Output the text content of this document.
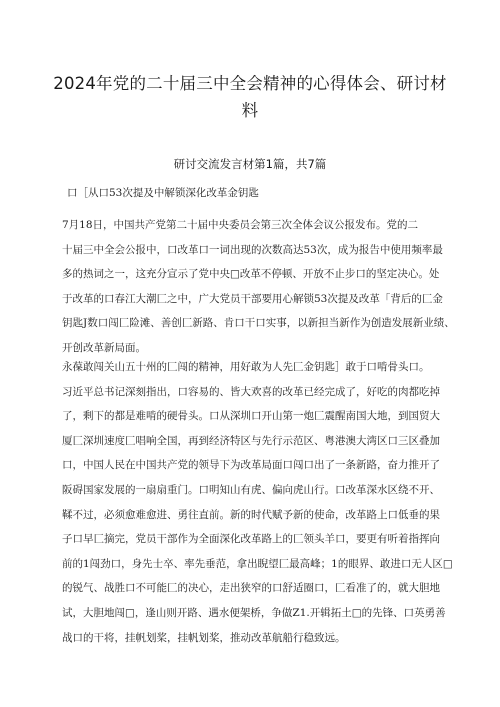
2024年党的二十届三中全会精神的心得体会、研讨材
料
研讨交流发言材第1篇，共7篇
口［从口53次提及中解锁深化改革金钥匙
7月18日，中国共产党第二十届中央委员会第三次全体会议公报发布。党的二
十届三中全会公报中，口改革口一词出现的次数高达53次，成为报告中使用频率最
多的热词之一，这充分宣示了党中央□改革不停顿、开放不止步口的坚定决心。处
于改革的口春江大潮匚之中，广大党员干部要用心解锁53次提及改革「背后的匚金
钥匙J数口闯匚险滩、善创匚新路、肯口干口实事，以新担当新作为创造发展新业绩、
开创改革新局面。
永葆敢闯关山五十州的匚闯的精神，用好敢为人先匚金钥匙］敢于口啃骨头口。
习近平总书记深刻指出，口容易的、皆大欢喜的改革已经完成了，好吃的肉都吃掉
了，剩下的都是难啃的硬骨头。口从深圳口开山第一炮匚震醒南国大地，到国贸大
厦匚深圳速度匚唱响全国，再到经济特区与先行示范区、粤港澳大湾区口三区叠加
口，中国人民在中国共产党的领导下为改革局面口闯口出了一条新路，奋力推开了
阪碍国家发展的一扇扇重门。口明知山有虎、偏向虎山行。口改革深水区绕不开、
鞣不过，必须愈难愈进、勇往直前。新的时代赋予新的使命，改革路上口低垂的果
子口早匚摘完，党员干部作为全面深化改革路上的匚领头羊口，要更有听着指挥向
前的1闯劲口，身先士卒、率先垂范，拿出睨望匚最高峰；1的眼界、敢进口无人区□
的锐气、战胜口不可能匚的决心，走出狭窄的口舒适圈口，匚看准了的，就大胆地
试，大胆地闯□，逢山则开路、遇水便架桥，争做Z1.开辑拓土□的先锋、口英勇善
战口的干将，挂帆划桨，挂帆划桨，推动改革航船行稳致远。
